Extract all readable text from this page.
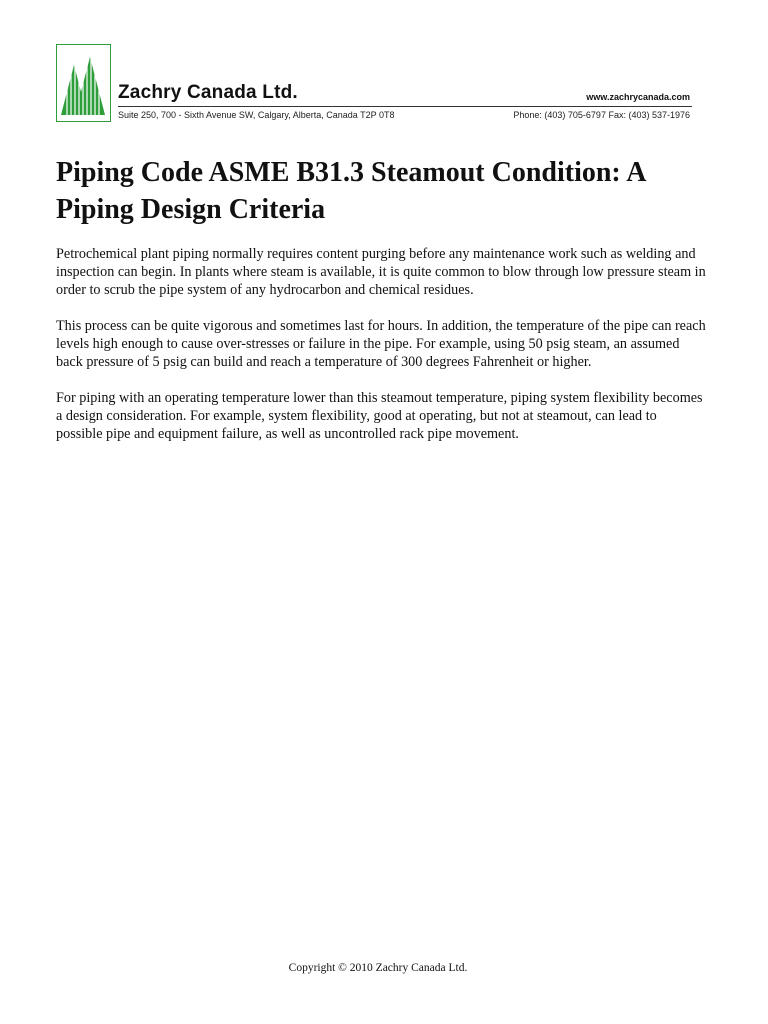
Zachry Canada Ltd.	www.zachrycanada.com
Suite 250, 700 - Sixth Avenue SW, Calgary, Alberta, Canada T2P 0T8	Phone: (403) 705-6797 Fax: (403) 537-1976
Piping Code ASME B31.3 Steamout Condition: A Piping Design Criteria

Petrochemical plant piping normally requires content purging before any maintenance work such as welding and inspection can begin. In plants where steam is available, it is quite common to blow through low pressure steam in order to scrub the pipe system of any hydrocarbon and chemical residues.

This process can be quite vigorous and sometimes last for hours. In addition, the temperature of the pipe can reach levels high enough to cause over-stresses or failure in the pipe. For example, using 50 psig steam, an assumed back pressure of 5 psig can build and reach a temperature of 300 degrees Fahrenheit or higher.

For piping with an operating temperature lower than this steamout temperature, piping system flexibility becomes a design consideration. For example, system flexibility, good at operating, but not at steamout, can lead to possible pipe and equipment failure, as well as uncontrolled rack pipe movement.

Copyright © 2010 Zachry Canada Ltd.
